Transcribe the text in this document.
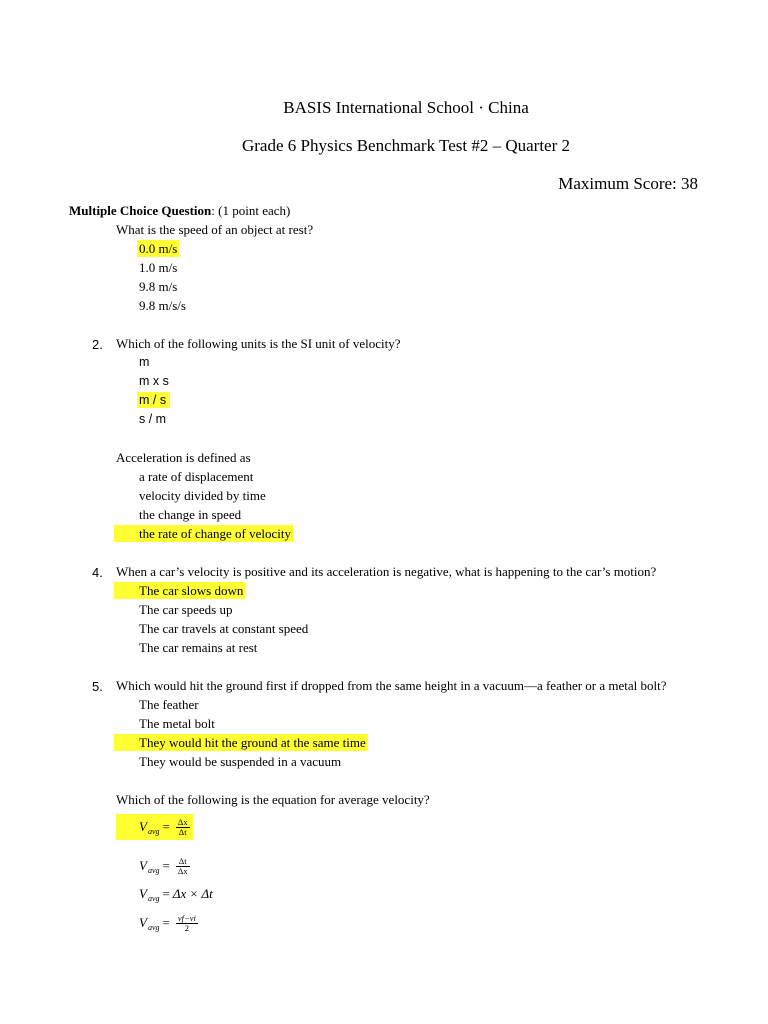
BASIS International School · China
Grade 6 Physics Benchmark Test #2 – Quarter 2
Maximum Score: 38
Multiple Choice Question: (1 point each)
What is the speed of an object at rest?
0.0 m/s
1.0 m/s
9.8 m/s
9.8 m/s/s
2. Which of the following units is the SI unit of velocity?
m
m x s
m / s
s / m
Acceleration is defined as
a rate of displacement
velocity divided by time
the change in speed
the rate of change of velocity
4. When a car’s velocity is positive and its acceleration is negative, what is happening to the car’s motion?
The car slows down
The car speeds up
The car travels at constant speed
The car remains at rest
5. Which would hit the ground first if dropped from the same height in a vacuum—a feather or a metal bolt?
The feather
The metal bolt
They would hit the ground at the same time
They would be suspended in a vacuum
Which of the following is the equation for average velocity?
V avg = $\frac{\Delta x}{\Delta t}$
V avg = $\frac{\Delta t}{\Delta x}$
V avg = Δx × Δt
V avg = $\frac{vf-vi}{2}$
